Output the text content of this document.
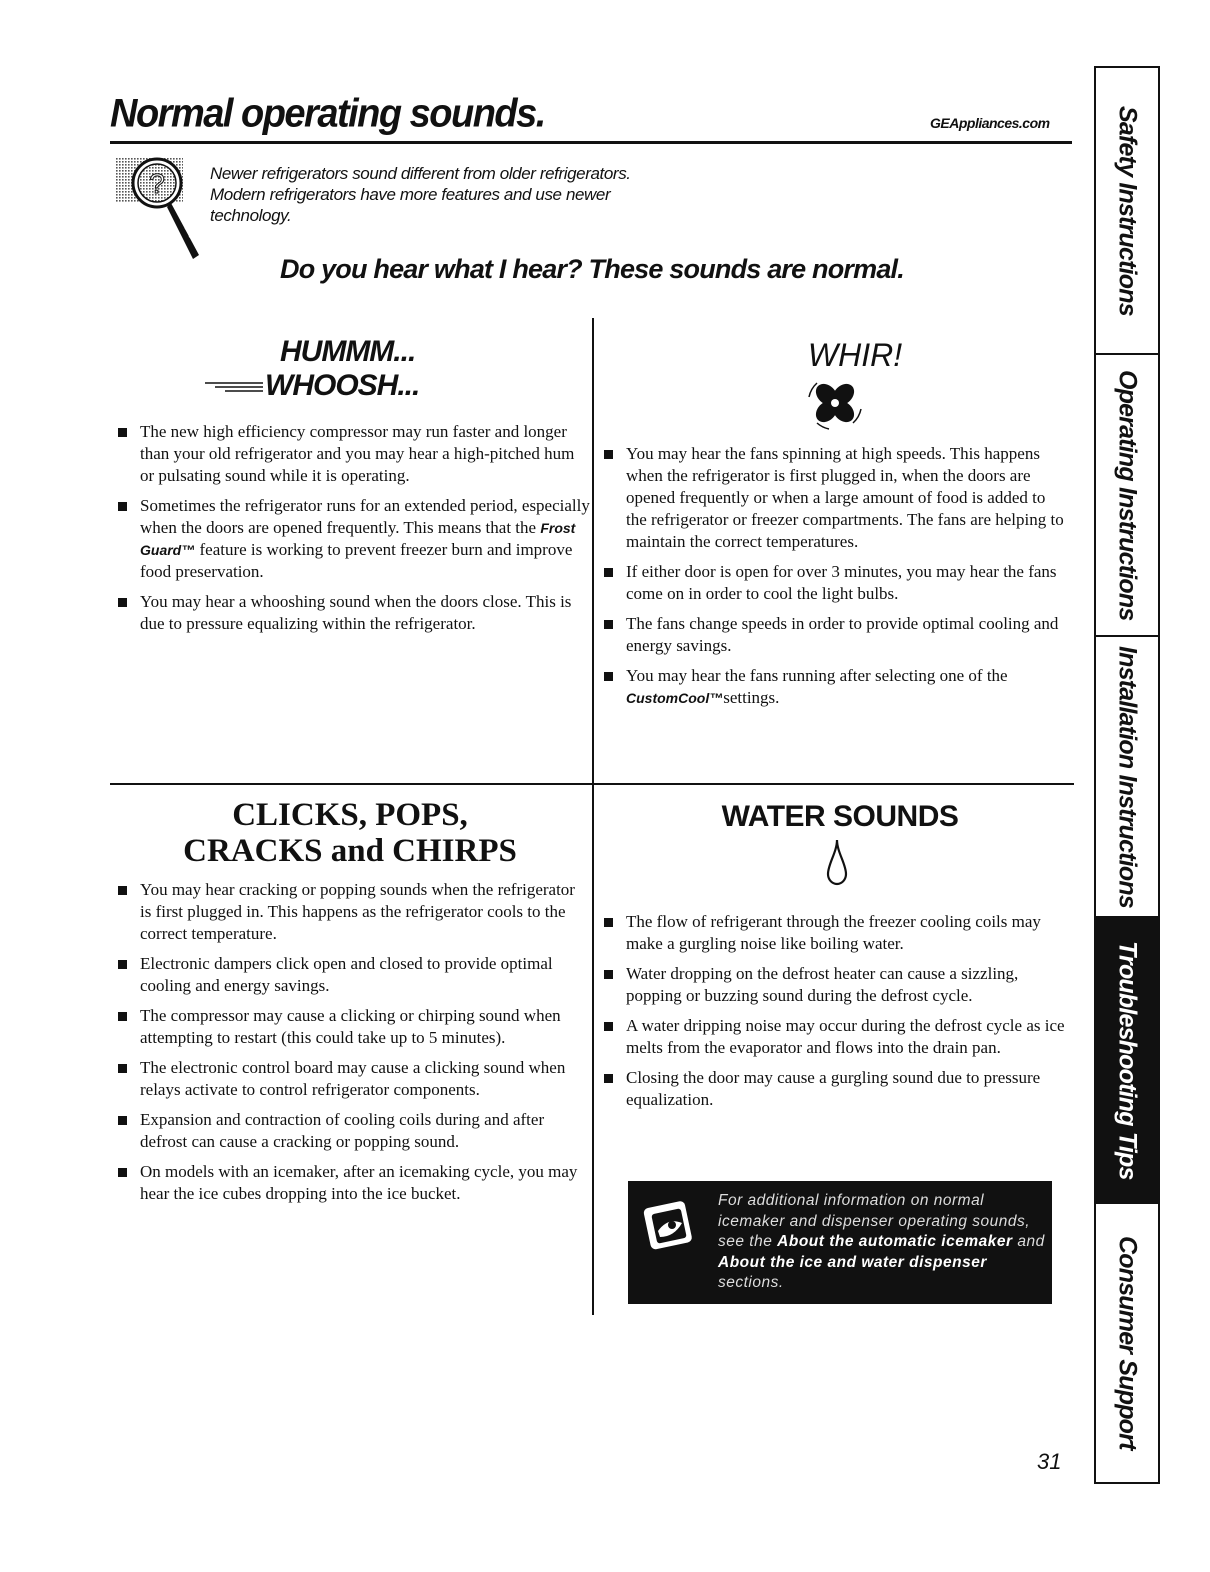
Normal operating sounds.	GEAppliances.com
?	Newer refrigerators sound different from older refrigerators.
Modern refrigerators have more features and use newer
technology.
Do you hear what I hear? These sounds are normal.
HUMMM...
WHOOSH...
The new high efficiency compressor may run faster and longer than your old refrigerator and you may hear a high-pitched hum or pulsating sound while it is operating.
Sometimes the refrigerator runs for an extended period, especially when the doors are opened frequently. This means that the Frost Guard™ feature is working to prevent freezer burn and improve food preservation.
You may hear a whooshing sound when the doors close. This is due to pressure equalizing within the refrigerator.
WHIR!
You may hear the fans spinning at high speeds. This happens when the refrigerator is first plugged in, when the doors are opened frequently or when a large amount of food is added to the refrigerator or freezer compartments. The fans are helping to maintain the correct temperatures.
If either door is open for over 3 minutes, you may hear the fans come on in order to cool the light bulbs.
The fans change speeds in order to provide optimal cooling and energy savings.
You may hear the fans running after selecting one of the CustomCool™settings.
CLICKS, POPS,
CRACKS and CHIRPS
You may hear cracking or popping sounds when the refrigerator is first plugged in. This happens as the refrigerator cools to the correct temperature.
Electronic dampers click open and closed to provide optimal cooling and energy savings.
The compressor may cause a clicking or chirping sound when attempting to restart (this could take up to 5 minutes).
The electronic control board may cause a clicking sound when relays activate to control refrigerator components.
Expansion and contraction of cooling coils during and after defrost can cause a cracking or popping sound.
On models with an icemaker, after an icemaking cycle, you may hear the ice cubes dropping into the ice bucket.
WATER SOUNDS
The flow of refrigerant through the freezer cooling coils may make a gurgling noise like boiling water.
Water dropping on the defrost heater can cause a sizzling, popping or buzzing sound during the defrost cycle.
A water dripping noise may occur during the defrost cycle as ice melts from the evaporator and flows into the drain pan.
Closing the door may cause a gurgling sound due to pressure equalization.
For additional information on normal icemaker and dispenser operating sounds, see the About the automatic icemaker and About the ice and water dispenser sections.
Safety Instructions
Operating Instructions
Installation Instructions
Troubleshooting Tips
Consumer Support
31
